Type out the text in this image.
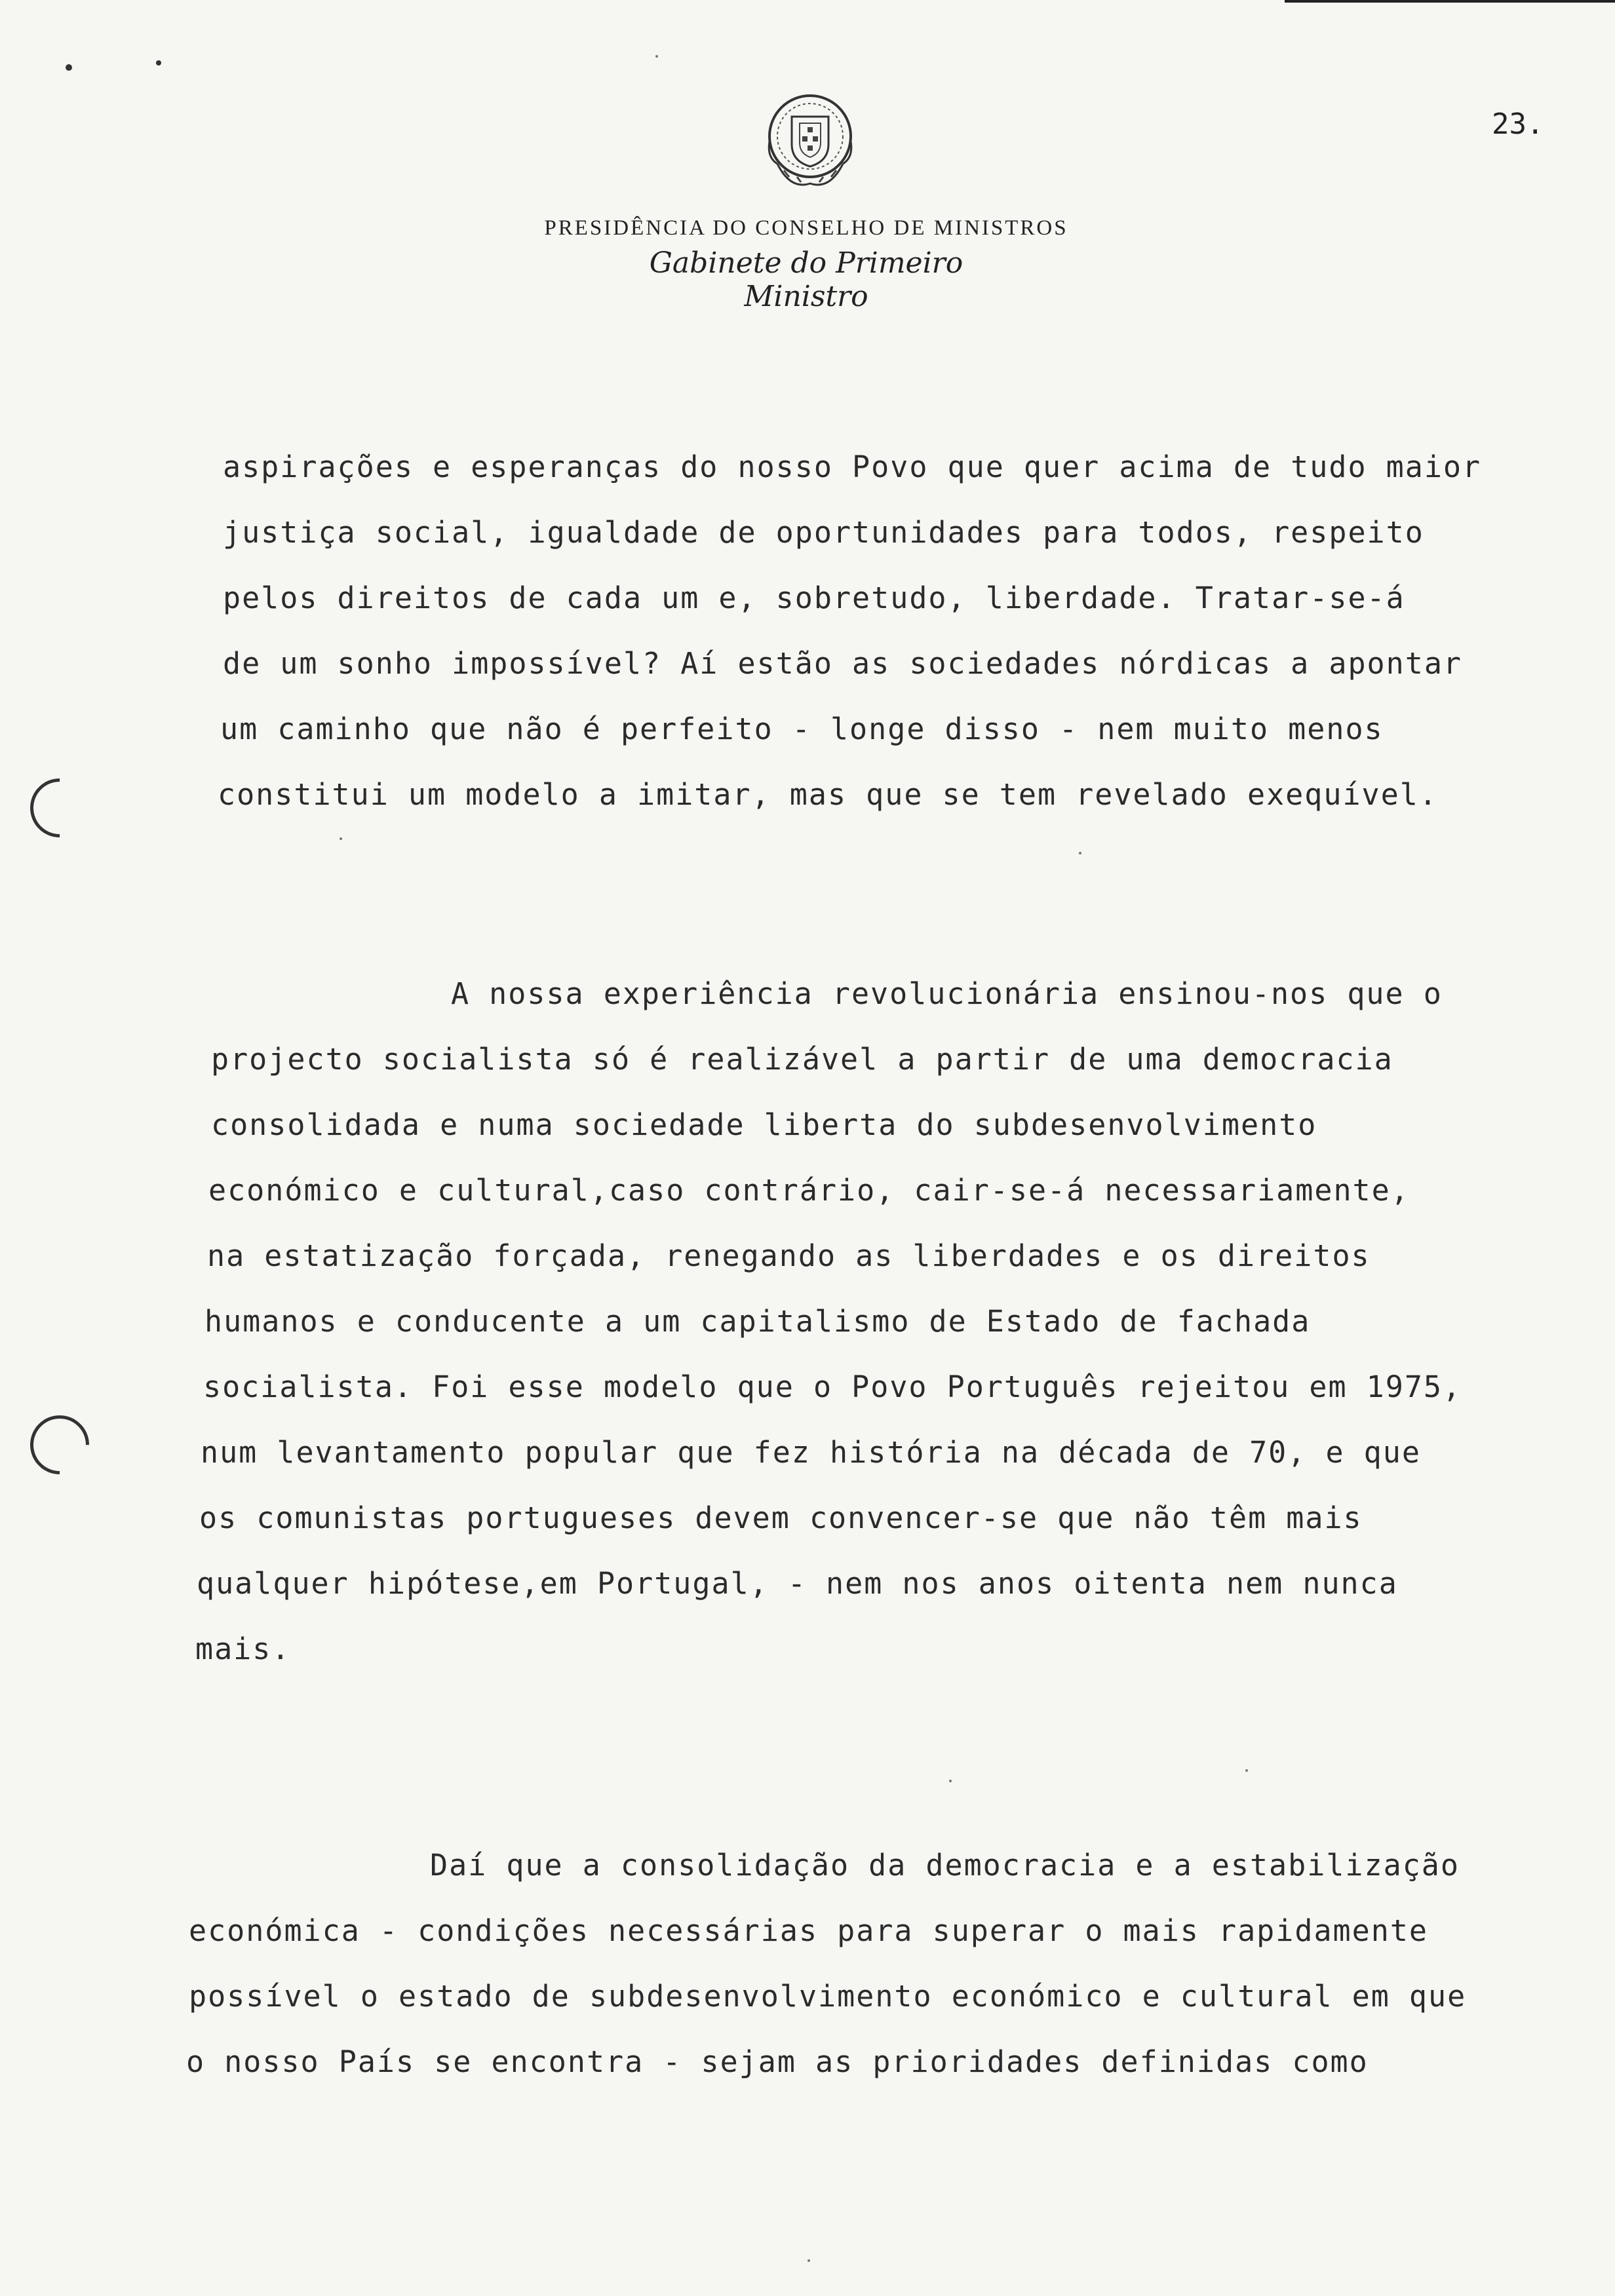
23.
PRESIDÊNCIA DO CONSELHO DE MINISTROS
Gabinete do Primeiro Ministro
aspirações e esperanças do nosso Povo que quer acima de tudo maior
justiça social, igualdade de oportunidades para todos, respeito
pelos direitos de cada um e, sobretudo, liberdade. Tratar-se-á
de um sonho impossível? Aí estão as sociedades nórdicas a apontar
um caminho que não é perfeito - longe disso - nem muito menos
constitui um modelo a imitar, mas que se tem revelado exequível.
A nossa experiência revolucionária ensinou-nos que o
projecto socialista só é realizável a partir de uma democracia
consolidada e numa sociedade liberta do subdesenvolvimento
económico e cultural,caso contrário, cair-se-á necessariamente,
na estatização forçada, renegando as liberdades e os direitos
humanos e conducente a um capitalismo de Estado de fachada
socialista. Foi esse modelo que o Povo Português rejeitou em 1975,
num levantamento popular que fez história na década de 70, e que
os comunistas portugueses devem convencer-se que não têm mais
qualquer hipótese,em Portugal, - nem nos anos oitenta nem nunca
mais.
Daí que a consolidação da democracia e a estabilização
económica - condições necessárias para superar o mais rapidamente
possível o estado de subdesenvolvimento económico e cultural em que
o nosso País se encontra - sejam as prioridades definidas como
